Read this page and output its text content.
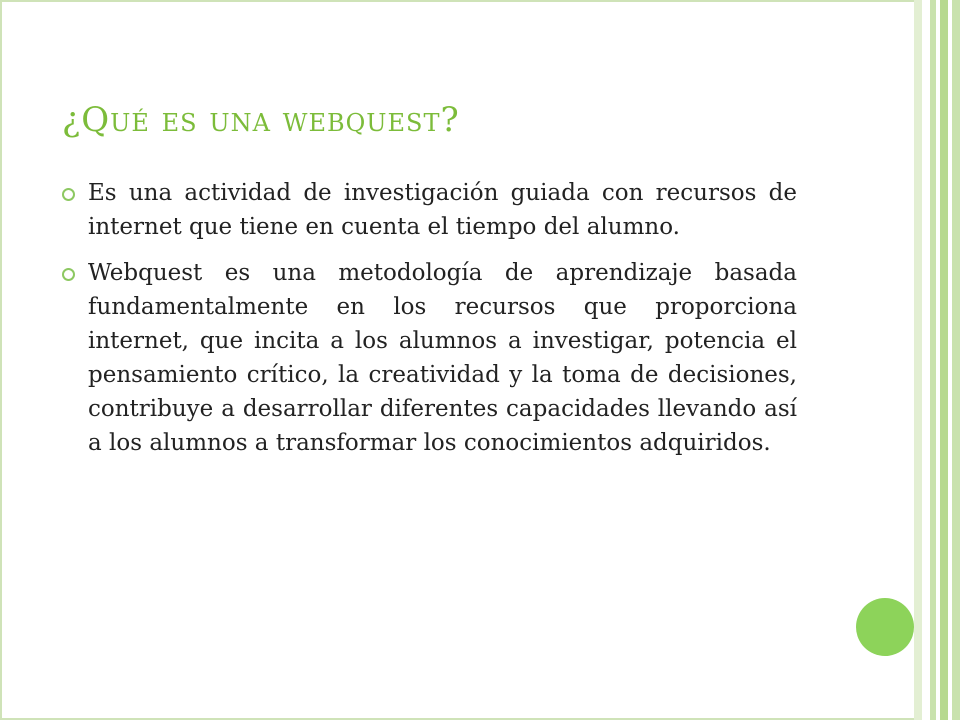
¿Qué es una webquest?
Es una actividad de investigación guiada con recursos de internet que tiene en cuenta el tiempo del alumno.
Webquest es una metodología de aprendizaje basada fundamentalmente en los recursos que proporciona internet, que incita a los alumnos a investigar, potencia el pensamiento crítico, la creatividad y la toma de decisiones, contribuye a desarrollar diferentes capacidades llevando así a los alumnos a transformar los conocimientos adquiridos.
